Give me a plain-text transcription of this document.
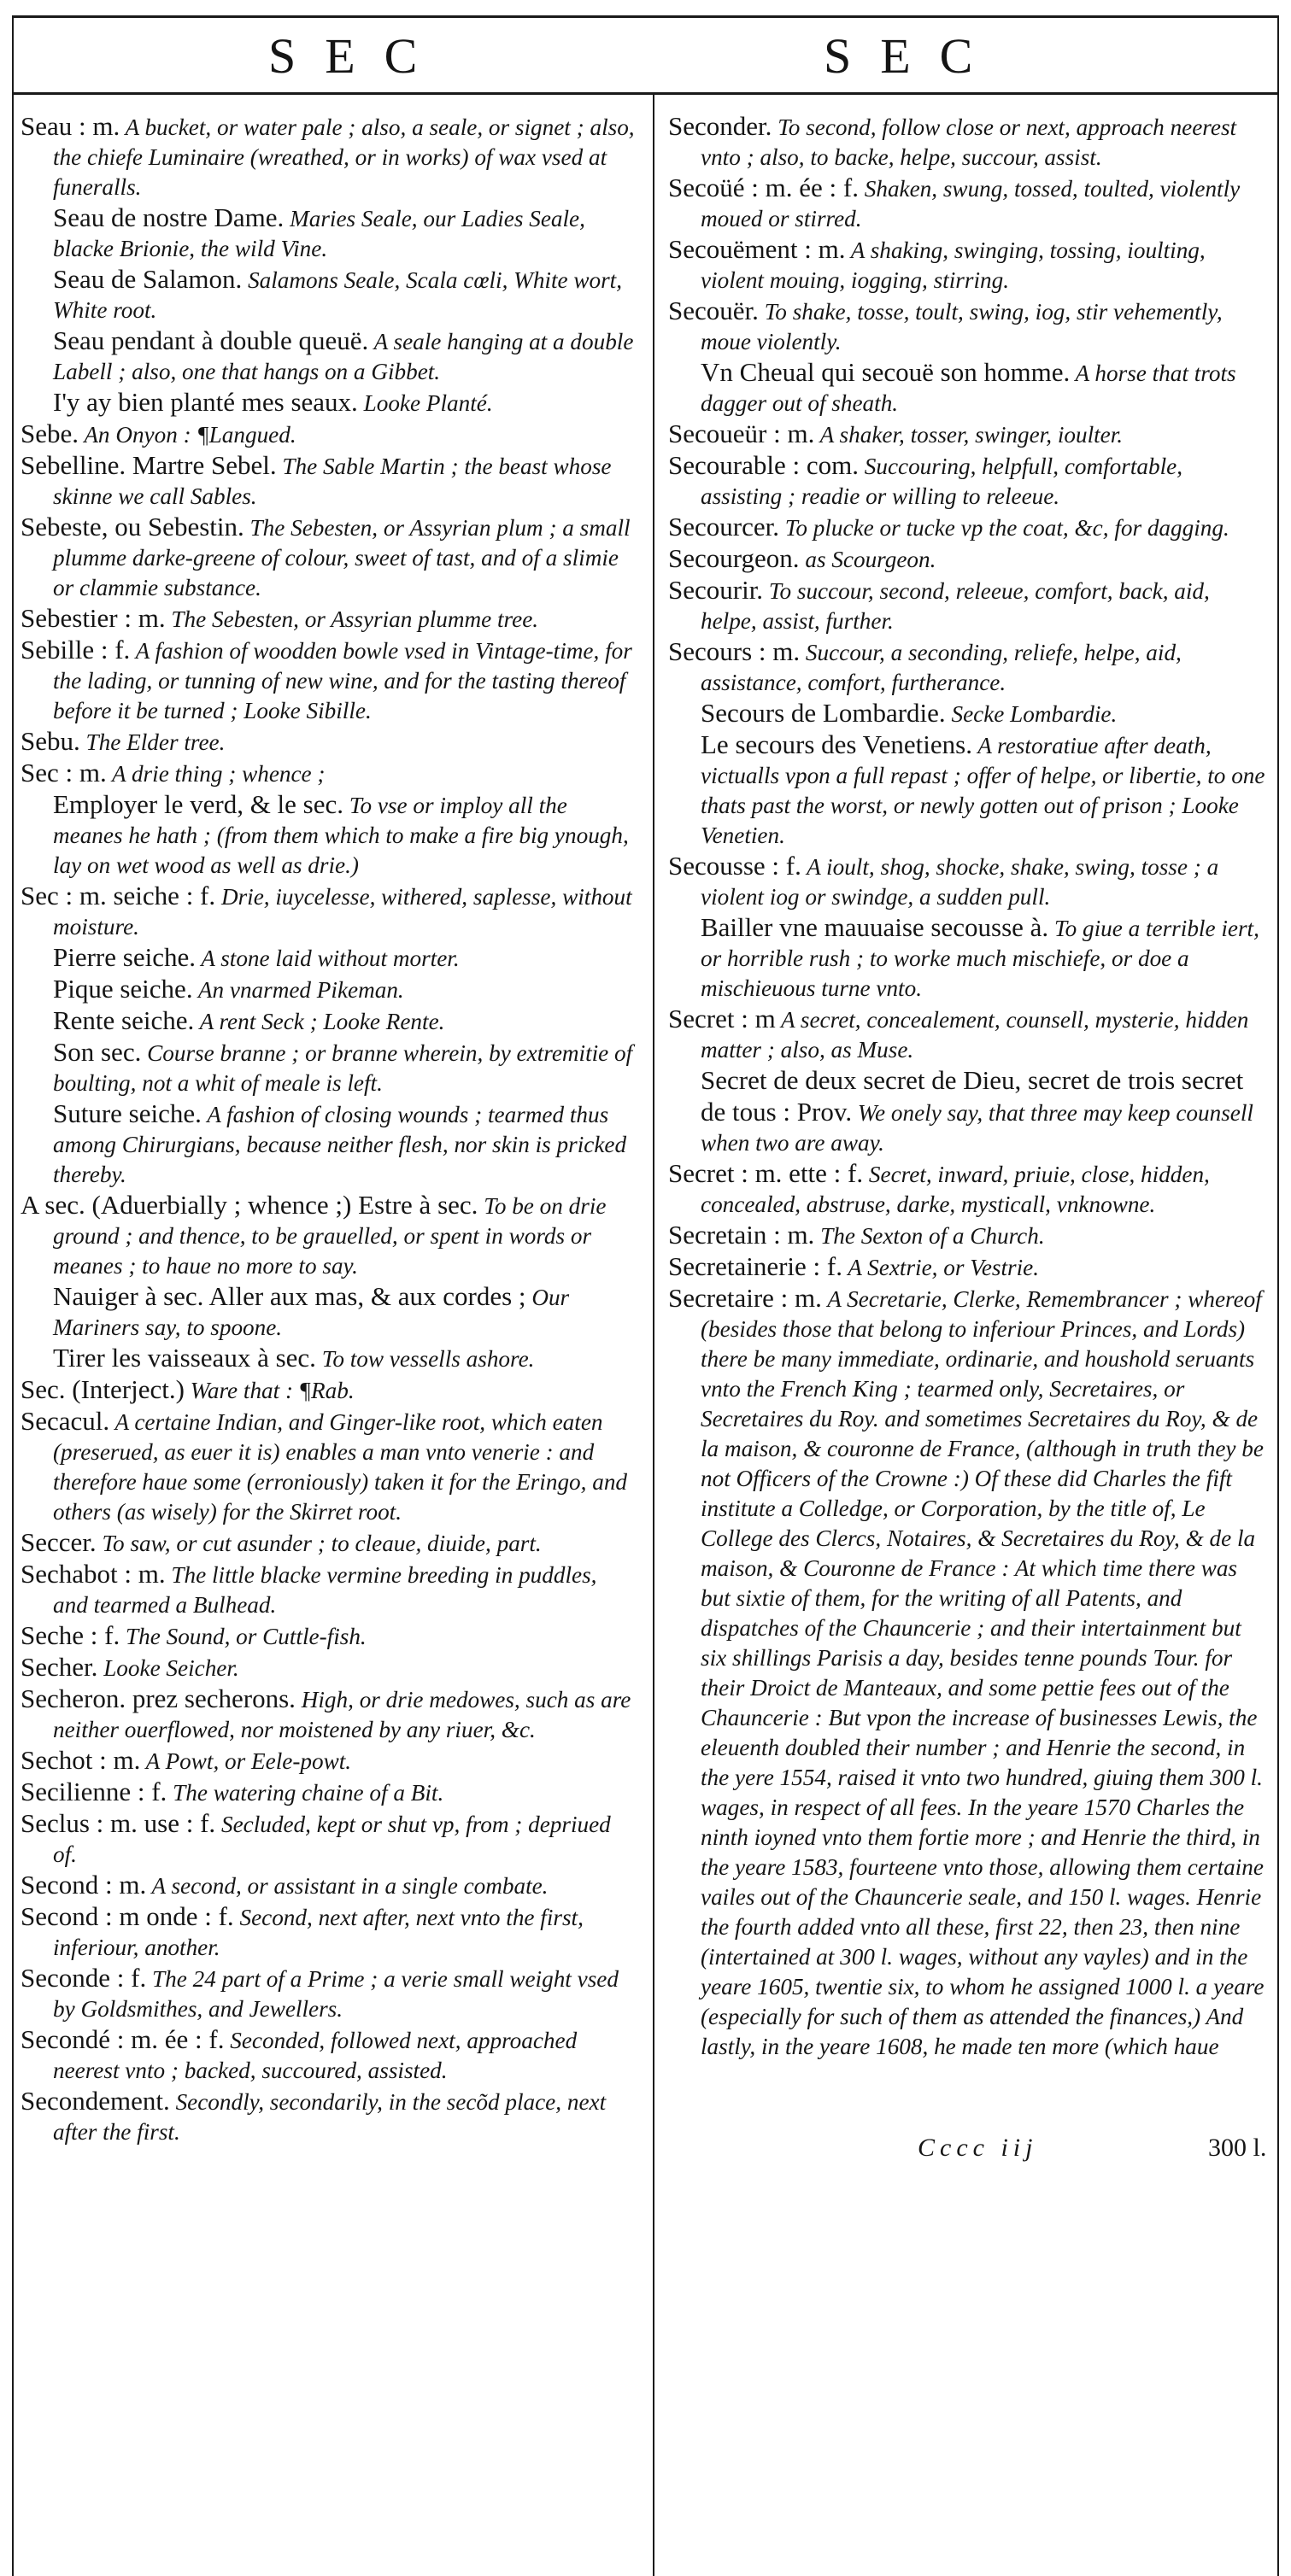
SEC	SEC

Seau : m. A bucket, or water pale ; also, a seale, or signet ; also, the chiefe Luminaire (wreathed, or in works) of wax vsed at funeralls.

Seau de nostre Dame. Maries Seale, our Ladies Seale, blacke Brionie, the wild Vine.

Seau de Salamon. Salamons Seale, Scala cœli, White wort, White root.

Seau pendant à double queuë. A seale hanging at a double Labell ; also, one that hangs on a Gibbet.

I'y ay bien planté mes seaux. Looke Planté.

Sebe. An Onyon : ¶Langued.

Sebelline. Martre Sebel. The Sable Martin ; the beast whose skinne we call Sables.

Sebeste, ou Sebestin. The Sebesten, or Assyrian plum ; a small plumme darke-greene of colour, sweet of tast, and of a slimie or clammie substance.

Sebestier : m. The Sebesten, or Assyrian plumme tree.

Sebille : f. A fashion of woodden bowle vsed in Vintage-time, for the lading, or tunning of new wine, and for the tasting thereof before it be turned ; Looke Sibille.

Sebu. The Elder tree.

Sec : m. A drie thing ; whence ;

Employer le verd, & le sec. To vse or imploy all the meanes he hath ; (from them which to make a fire big ynough, lay on wet wood as well as drie.)

Sec : m. seiche : f. Drie, iuycelesse, withered, saplesse, without moisture.

Pierre seiche. A stone laid without morter.

Pique seiche. An vnarmed Pikeman.

Rente seiche. A rent Seck ; Looke Rente.

Son sec. Course branne ; or branne wherein, by extremitie of boulting, not a whit of meale is left.

Suture seiche. A fashion of closing wounds ; tearmed thus among Chirurgians, because neither flesh, nor skin is pricked thereby.

A sec. (Aduerbially ; whence ;) Estre à sec. To be on drie ground ; and thence, to be grauelled, or spent in words or meanes ; to haue no more to say.

Nauiger à sec. Aller aux mas, & aux cordes ; Our Mariners say, to spoone.

Tirer les vaisseaux à sec. To tow vessells ashore.

Sec. (Interject.) Ware that : ¶Rab.

Secacul. A certaine Indian, and Ginger-like root, which eaten (preserued, as euer it is) enables a man vnto venerie : and therefore haue some (erroniously) taken it for the Eringo, and others (as wisely) for the Skirret root.

Seccer. To saw, or cut asunder ; to cleaue, diuide, part.

Sechabot : m. The little blacke vermine breeding in puddles, and tearmed a Bulhead.

Seche : f. The Sound, or Cuttle-fish.

Secher. Looke Seicher.

Secheron. prez secherons. High, or drie medowes, such as are neither ouerflowed, nor moistened by any riuer, &c.

Sechot : m. A Powt, or Eele-powt.

Secilienne : f. The watering chaine of a Bit.

Seclus : m. use : f. Secluded, kept or shut vp, from ; depriued of.

Second : m. A second, or assistant in a single combate.

Second : m onde : f. Second, next after, next vnto the first, inferiour, another.

Seconde : f. The 24 part of a Prime ; a verie small weight vsed by Goldsmithes, and Jewellers.

Secondé : m. ée : f. Seconded, followed next, approached neerest vnto ; backed, succoured, assisted.

Secondement. Secondly, secondarily, in the secõd place, next after the first.

Seconder. To second, follow close or next, approach neerest vnto ; also, to backe, helpe, succour, assist.

Secoüé : m. ée : f. Shaken, swung, tossed, toulted, violently moued or stirred.

Secouëment : m. A shaking, swinging, tossing, ioulting, violent mouing, iogging, stirring.

Secouër. To shake, tosse, toult, swing, iog, stir vehemently, moue violently.

Vn Cheual qui secouë son homme. A horse that trots dagger out of sheath.

Secoueür : m. A shaker, tosser, swinger, ioulter.

Secourable : com. Succouring, helpfull, comfortable, assisting ; readie or willing to releeue.

Secourcer. To plucke or tucke vp the coat, &c, for dagging.

Secourgeon. as Scourgeon.

Secourir. To succour, second, releeue, comfort, back, aid, helpe, assist, further.

Secours : m. Succour, a seconding, reliefe, helpe, aid, assistance, comfort, furtherance.

Secours de Lombardie. Secke Lombardie.

Le secours des Venetiens. A restoratiue after death, victualls vpon a full repast ; offer of helpe, or libertie, to one thats past the worst, or newly gotten out of prison ; Looke Venetien.

Secousse : f. A ioult, shog, shocke, shake, swing, tosse ; a violent iog or swindge, a sudden pull.

Bailler vne mauuaise secousse à. To giue a terrible iert, or horrible rush ; to worke much mischiefe, or doe a mischieuous turne vnto.

Secret : m A secret, concealement, counsell, mysterie, hidden matter ; also, as Muse.

Secret de deux secret de Dieu, secret de trois secret de tous : Prov. We onely say, that three may keep counsell when two are away.

Secret : m. ette : f. Secret, inward, priuie, close, hidden, concealed, abstruse, darke, mysticall, vnknowne.

Secretain : m. The Sexton of a Church.

Secretainerie : f. A Sextrie, or Vestrie.

Secretaire : m. A Secretarie, Clerke, Remembrancer ; whereof (besides those that belong to inferiour Princes, and Lords) there be many immediate, ordinarie, and houshold seruants vnto the French King ; tearmed only, Secretaires, or Secretaires du Roy. and sometimes Secretaires du Roy, & de la maison, & couronne de France, (although in truth they be not Officers of the Crowne :) Of these did Charles the fift institute a Colledge, or Corporation, by the title of, Le College des Clercs, Notaires, & Secretaires du Roy, & de la maison, & Couronne de France : At which time there was but sixtie of them, for the writing of all Patents, and dispatches of the Chauncerie ; and their intertainment but six shillings Parisis a day, besides tenne pounds Tour. for their Droict de Manteaux, and some pettie fees out of the Chauncerie : But vpon the increase of businesses Lewis, the eleuenth doubled their number ; and Henrie the second, in the yere 1554, raised it vnto two hundred, giuing them 300 l. wages, in respect of all fees. In the yeare 1570 Charles the ninth ioyned vnto them fortie more ; and Henrie the third, in the yeare 1583, fourteene vnto those, allowing them certaine vailes out of the Chauncerie seale, and 150 l. wages. Henrie the fourth added vnto all these, first 22, then 23, then nine (intertained at 300 l. wages, without any vayles) and in the yeare 1605, twentie six, to whom he assigned 1000 l. a yeare (especially for such of them as attended the finances,) And lastly, in the yeare 1608, he made ten more (which haue

Cccc iij	300 l.
